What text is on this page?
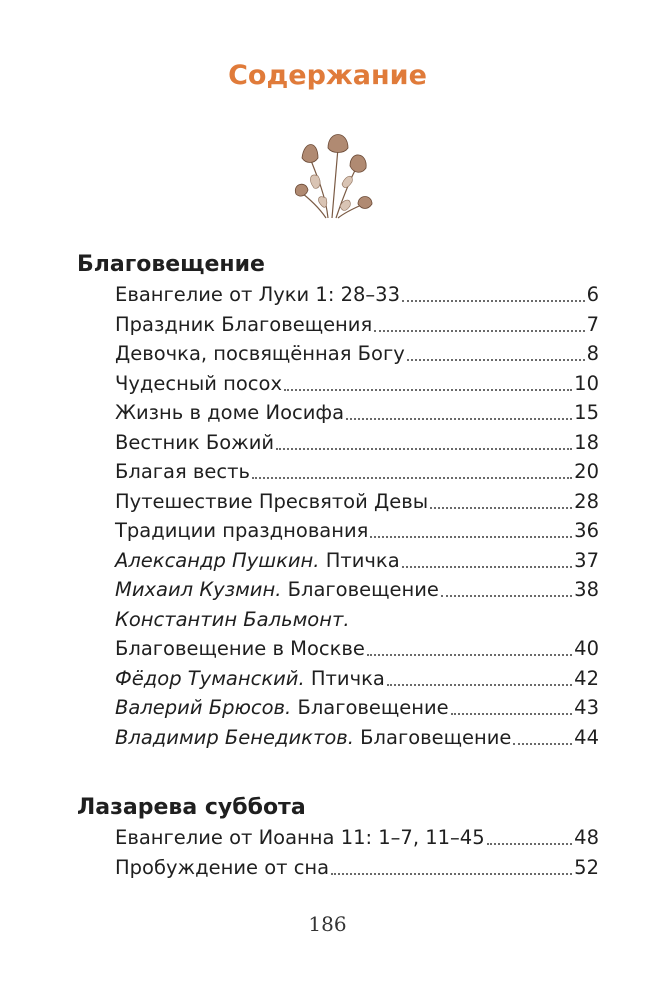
Содержание
Благовещение
Евангелие от Луки 1: 28–33	6
Праздник Благовещения	7
Девочка, посвящённая Богу	8
Чудесный посох	10
Жизнь в доме Иосифа	15
Вестник Божий	18
Благая весть	20
Путешествие Пресвятой Девы	28
Традиции празднования	36
Александр Пушкин. Птичка	37
Михаил Кузмин. Благовещение	38
Константин Бальмонт.
Благовещение в Москве	40
Фёдор Туманский. Птичка	42
Валерий Брюсов. Благовещение	43
Владимир Бенедиктов. Благовещение	44
Лазарева суббота
Евангелие от Иоанна 11: 1–7, 11–45	48
Пробуждение от сна	52
186
